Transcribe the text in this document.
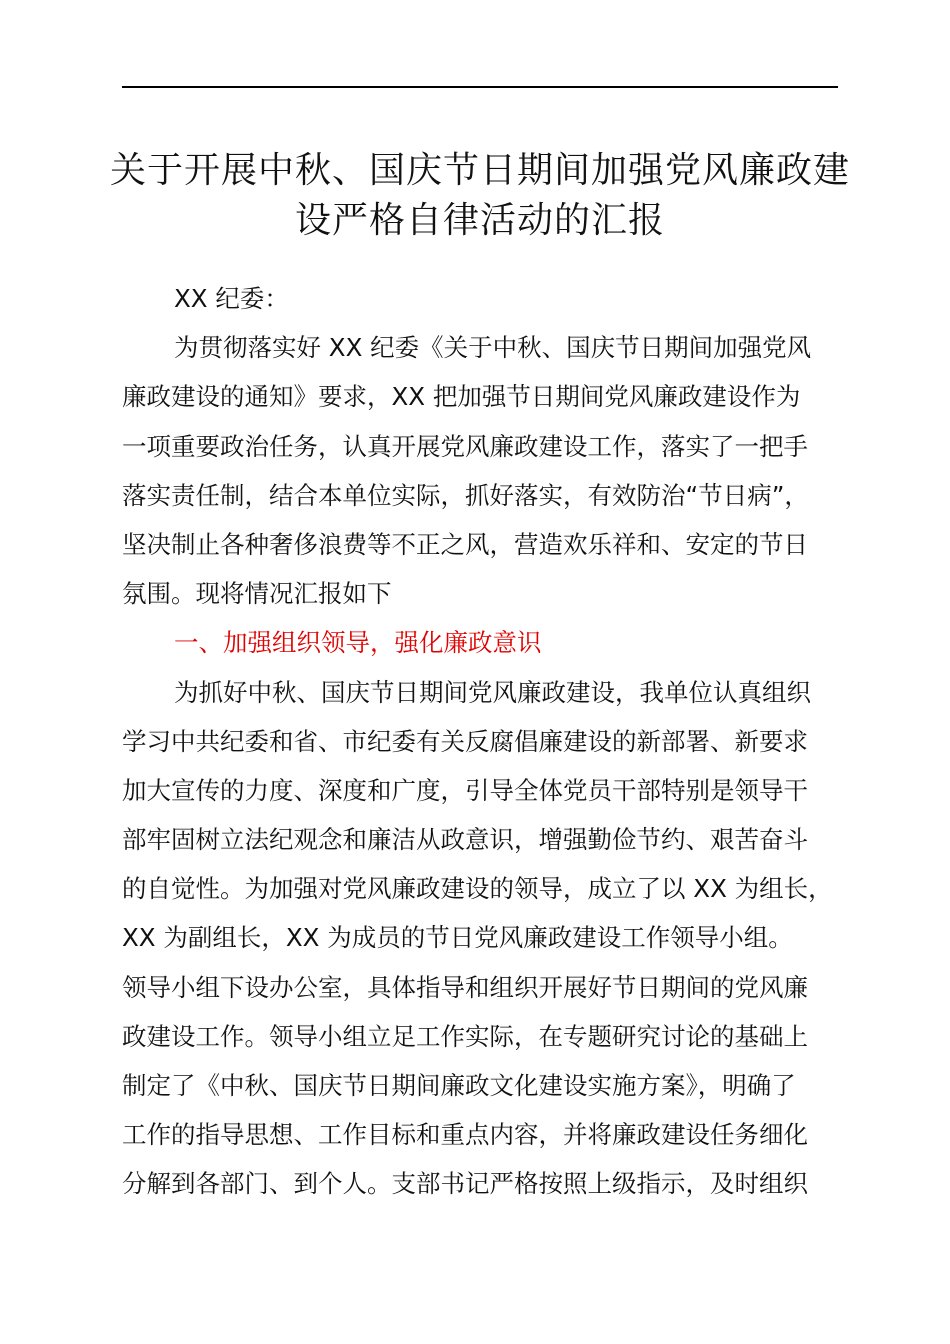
关于开展中秋、国庆节日期间加强党风廉政建
设严格自律活动的汇报
XX 纪委：
为贯彻落实好 XX 纪委《关于中秋、国庆节日期间加强党风
廉政建设的通知》要求，XX 把加强节日期间党风廉政建设作为
一项重要政治任务，认真开展党风廉政建设工作，落实了一把手
落实责任制，结合本单位实际，抓好落实，有效防治“节日病”，
坚决制止各种奢侈浪费等不正之风，营造欢乐祥和、安定的节日
氛围。现将情况汇报如下
一、加强组织领导，强化廉政意识
为抓好中秋、国庆节日期间党风廉政建设，我单位认真组织
学习中共纪委和省、市纪委有关反腐倡廉建设的新部署、新要求
加大宣传的力度、深度和广度，引导全体党员干部特别是领导干
部牢固树立法纪观念和廉洁从政意识，增强勤俭节约、艰苦奋斗
的自觉性。为加强对党风廉政建设的领导，成立了以 XX 为组长，
XX 为副组长，XX 为成员的节日党风廉政建设工作领导小组。
领导小组下设办公室，具体指导和组织开展好节日期间的党风廉
政建设工作。领导小组立足工作实际，在专题研究讨论的基础上
制定了《中秋、国庆节日期间廉政文化建设实施方案》，明确了
工作的指导思想、工作目标和重点内容，并将廉政建设任务细化
分解到各部门、到个人。支部书记严格按照上级指示，及时组织
